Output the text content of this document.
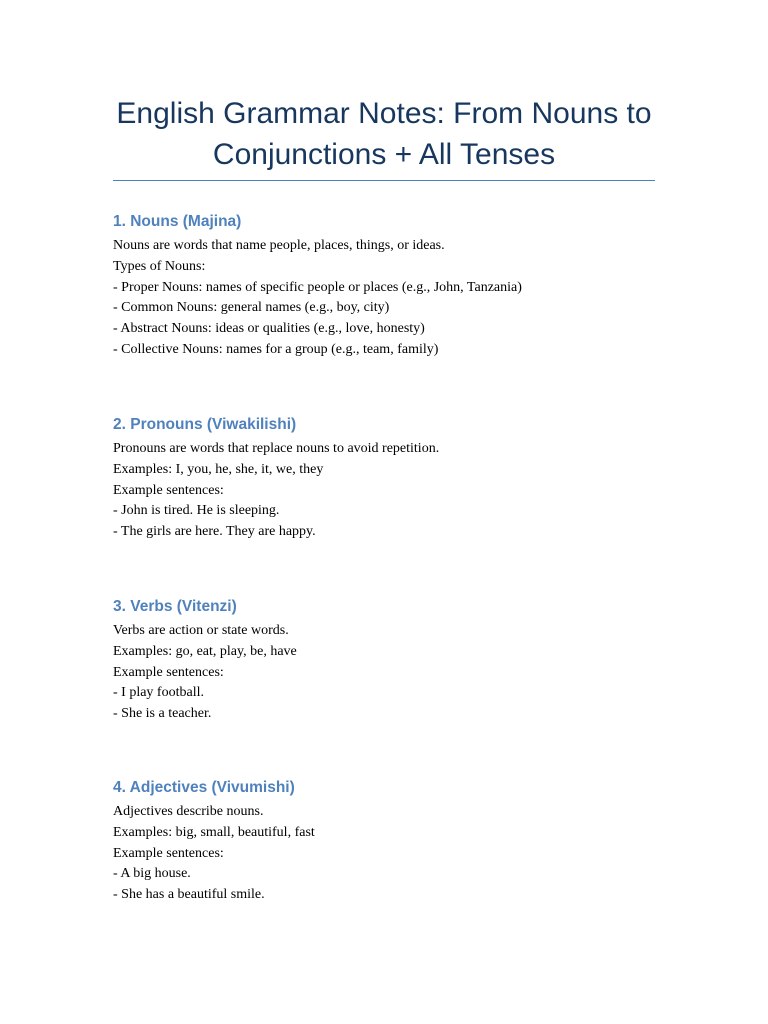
English Grammar Notes: From Nouns to Conjunctions + All Tenses
1. Nouns (Majina)

Nouns are words that name people, places, things, or ideas.

Types of Nouns:

- Proper Nouns: names of specific people or places (e.g., John, Tanzania)

- Common Nouns: general names (e.g., boy, city)

- Abstract Nouns: ideas or qualities (e.g., love, honesty)

- Collective Nouns: names for a group (e.g., team, family)

2. Pronouns (Viwakilishi)

Pronouns are words that replace nouns to avoid repetition.

Examples: I, you, he, she, it, we, they

Example sentences:

- John is tired. He is sleeping.

- The girls are here. They are happy.

3. Verbs (Vitenzi)

Verbs are action or state words.

Examples: go, eat, play, be, have

Example sentences:

- I play football.

- She is a teacher.

4. Adjectives (Vivumishi)

Adjectives describe nouns.

Examples: big, small, beautiful, fast

Example sentences:

- A big house.

- She has a beautiful smile.
